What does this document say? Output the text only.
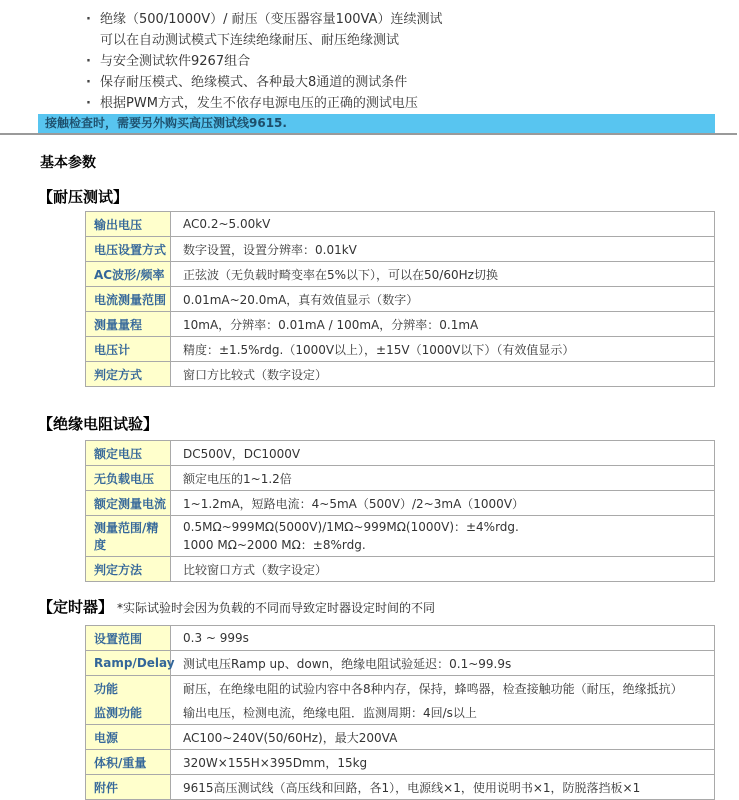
· 绝缘（500/1000V）/ 耐压（变压器容量100VA）连续测试
可以在自动测试模式下连续绝缘耐压、耐压绝缘测试
· 与安全测试软件9267组合
· 保存耐压模式、绝缘模式、各种最大8通道的测试条件
· 根据PWM方式，发生不依存电源电压的正确的测试电压
接触检查时，需要另外购买高压测试线9615.
基本参数
【耐压测试】
输出电压	AC0.2~5.00kV
电压设置方式	数字设置，设置分辨率：0.01kV
AC波形/频率	正弦波（无负载时畸变率在5%以下），可以在50/60Hz切换
电流测量范围	0.01mA~20.0mA，真有效值显示（数字）
测量量程	10mA，分辨率：0.01mA / 100mA，分辨率：0.1mA
电压计	精度：±1.5%rdg.（1000V以上），±15V（1000V以下）（有效值显示）
判定方式	窗口方比较式（数字设定）
【绝缘电阻试验】
额定电压	DC500V，DC1000V
无负载电压	额定电压的1~1.2倍
额定测量电流	1~1.2mA，短路电流：4~5mA（500V）/2~3mA（1000V）
测量范围/精度	0.5MΩ~999MΩ(5000V)/1MΩ~999MΩ(1000V)：±4%rdg.
1000 MΩ~2000 MΩ：±8%rdg.

判定方法	比较窗口方式（数字设定）
【定时器】 *实际试验时会因为负载的不同而导致定时器设定时间的不同
设置范围	0.3 ~ 999s
Ramp/Delay	测试电压Ramp up、down，绝缘电阻试验延迟：0.1~99.9s
功能	耐压，在绝缘电阻的试验内容中各8种内存，保持，蜂鸣器，检查接触功能（耐压，绝缘抵抗）
监测功能	输出电压，检测电流，绝缘电阻．监测周期：4回/s以上
电源	AC100~240V(50/60Hz)，最大200VA
体积/重量	320W×155H×395Dmm，15kg
附件	9615高压测试线（高压线和回路，各1），电源线×1，使用说明书×1，防脱落挡板×1
